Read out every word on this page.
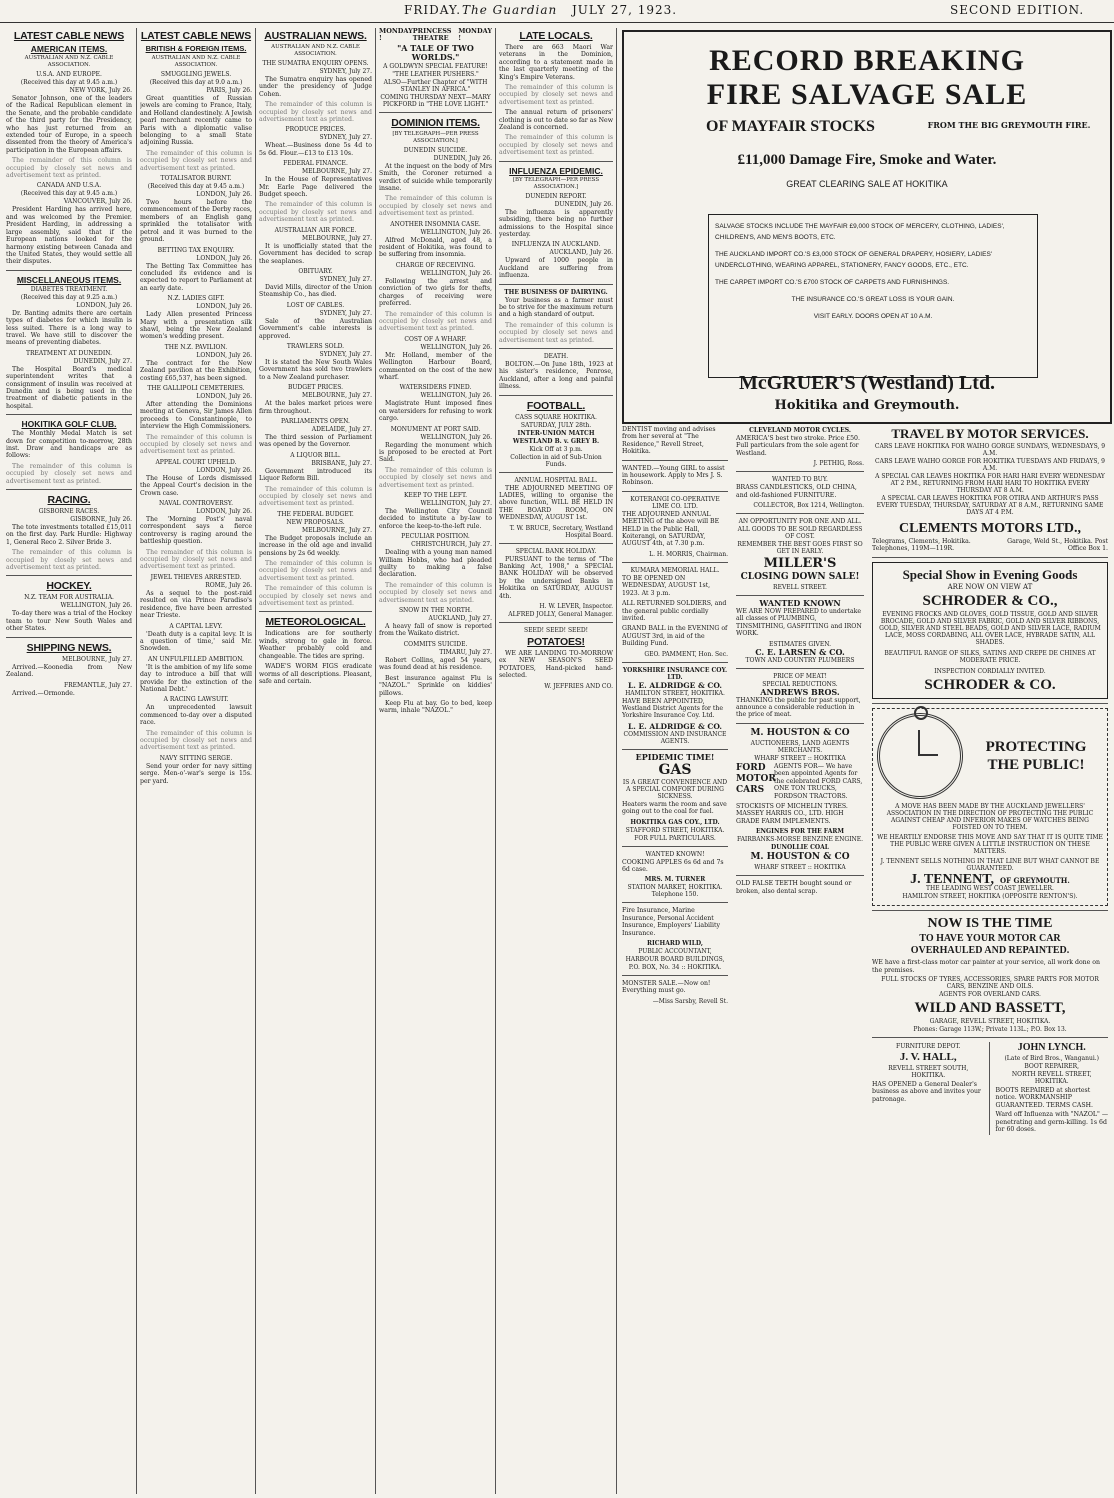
FRIDAY. The Guardian JULY 27, 1923.	SECOND EDITION.
LATEST CABLE NEWS
AMERICAN ITEMS.
AUSTRALIAN AND N.Z. CABLE ASSOCIATION.
U.S.A. AND EUROPE.
(Received this day at 9.45 a.m.)
NEW YORK, July 26.

Senator Johnson, one of the leaders of the Radical Republican element in the Senate, and the probable candidate of the third party for the Presidency, who has just returned from an extended tour of Europe, in a speech dissented from the theory of America's participation in the European affairs.

The remainder of this column is occupied by closely set news and advertisement text as printed.

CANADA AND U.S.A.
(Received this day at 9.45 a.m.)
VANCOUVER, July 26.

President Harding has arrived here, and was welcomed by the Premier. President Harding, in addressing a large assembly, said that if the European nations looked for the harmony existing between Canada and the United States, they would settle all their disputes.

MISCELLANEOUS ITEMS.
DIABETES TREATMENT.
(Received this day at 9.25 a.m.)
LONDON, July 26.

Dr. Banting admits there are certain types of diabetes for which insulin is less suited. There is a long way to travel. We have still to discover the means of preventing diabetes.

TREATMENT AT DUNEDIN.
DUNEDIN, July 27.

The Hospital Board's medical superintendent writes that a consignment of insulin was received at Dunedin and is being used in the treatment of diabetic patients in the hospital.

HOKITIKA GOLF CLUB.

The Monthly Medal Match is set down for competition to-morrow, 28th inst. Draw and handicaps are as follows:

The remainder of this column is occupied by closely set news and advertisement text as printed.

RACING.
GISBORNE RACES.
GISBORNE, July 26.

The tote investments totalled £15,011 on the first day. Park Hurdle: Highway 1, General Reco 2. Silver Bride 3.

The remainder of this column is occupied by closely set news and advertisement text as printed.

HOCKEY.
N.Z. TEAM FOR AUSTRALIA.
WELLINGTON, July 26.

To-day there was a trial of the Hockey team to tour New South Wales and other States.

SHIPPING NEWS.
MELBOURNE, July 27.

Arrived.—Koonedia from New Zealand.

FREMANTLE, July 27.

Arrived.—Ormonde.

LATEST CABLE NEWS
BRITISH & FOREIGN ITEMS.
AUSTRALIAN AND N.Z. CABLE ASSOCIATION.
SMUGGLING JEWELS.
(Received this day at 9.0 a.m.)
PARIS, July 26.

Great quantities of Russian jewels are coming to France, Italy, and Holland clandestinely. A Jewish pearl merchant recently came to Paris with a diplomatic valise belonging to a small State adjoining Russia.

The remainder of this column is occupied by closely set news and advertisement text as printed.

TOTALISATOR BURNT.
(Received this day at 9.45 a.m.)
LONDON, July 26.

Two hours before the commencement of the Derby races, members of an English gang sprinkled the totalisator with petrol and it was burned to the ground.

BETTING TAX ENQUIRY.
LONDON, July 26.

The Betting Tax Committee has concluded its evidence and is expected to report to Parliament at an early date.

N.Z. LADIES GIFT.
LONDON, July 26.

Lady Allen presented Princess Mary with a presentation silk shawl, being the New Zealand women's wedding present.

THE N.Z. PAVILION.
LONDON, July 26.

The contract for the New Zealand pavilion at the Exhibition, costing £65,537, has been signed.

THE GALLIPOLI CEMETERIES.
LONDON, July 26.

After attending the Dominions meeting at Geneva, Sir James Allen proceeds to Constantinople, to interview the High Commissioners.

The remainder of this column is occupied by closely set news and advertisement text as printed.

APPEAL COURT UPHELD.
LONDON, July 26.

The House of Lords dismissed the Appeal Court's decision in the Crown case.

NAVAL CONTROVERSY.
LONDON, July 26.

The 'Morning Post's' naval correspondent says a fierce controversy is raging around the battleship question.

The remainder of this column is occupied by closely set news and advertisement text as printed.

JEWEL THIEVES ARRESTED.
ROME, July 26.

As a sequel to the post-raid resulted on via Prince Paradiso's residence, five have been arrested near Trieste.

A CAPITAL LEVY.

'Death duty is a capital levy. It is a question of time,' said Mr. Snowden.

AN UNFULFILLED AMBITION.

'It is the ambition of my life some day to introduce a bill that will provide for the extinction of the National Debt.'

A RACING LAWSUIT.

An unprecedented lawsuit commenced to-day over a disputed race.

The remainder of this column is occupied by closely set news and advertisement text as printed.

NAVY SITTING SERGE.

Send your order for navy sitting serge. Men-o'-war's serge is 15s. per yard.

AUSTRALIAN NEWS.
AUSTRALIAN AND N.Z. CABLE ASSOCIATION.
THE SUMATRA ENQUIRY OPENS.
SYDNEY, July 27.

The Sumatra enquiry has opened under the presidency of Judge Cohen.

The remainder of this column is occupied by closely set news and advertisement text as printed.

PRODUCE PRICES.
SYDNEY, July 27.

Wheat.—Business done 5s 4d to 5s 6d. Flour.—£13 to £13 10s.

FEDERAL FINANCE.
MELBOURNE, July 27.

In the House of Representatives Mr. Earle Page delivered the Budget speech.

The remainder of this column is occupied by closely set news and advertisement text as printed.

AUSTRALIAN AIR FORCE.
MELBOURNE, July 27.

It is unofficially stated that the Government has decided to scrap the seaplanes.

OBITUARY.
SYDNEY, July 27.

David Mills, director of the Union Steamship Co., has died.

LOST OF CABLES.
SYDNEY, July 27.

Sale of the Australian Government's cable interests is approved.

TRAWLERS SOLD.
SYDNEY, July 27.

It is stated the New South Wales Government has sold two trawlers to a New Zealand purchaser.

BUDGET PRICES.
MELBOURNE, July 27.

At the bales market prices were firm throughout.

PARLIAMENTS OPEN.
ADELAIDE, July 27.

The third session of Parliament was opened by the Governor.

A LIQUOR BILL.
BRISBANE, July 27.

Government introduced its Liquor Reform Bill.

The remainder of this column is occupied by closely set news and advertisement text as printed.

THE FEDERAL BUDGET.
NEW PROPOSALS.
MELBOURNE, July 27.

The Budget proposals include an increase in the old age and invalid pensions by 2s 6d weekly.

The remainder of this column is occupied by closely set news and advertisement text as printed.

The remainder of this column is occupied by closely set news and advertisement text as printed.

METEOROLOGICAL.

Indications are for southerly winds, strong to gale in force. Weather probably cold and changeable. The tides are spring.

WADE'S WORM FIGS eradicate worms of all descriptions. Pleasant, safe and certain.

MONDAY !
PRINCESS THEATRE
MONDAY !
"A TALE OF TWO WORLDS."
A GOLDWYN SPECIAL FEATURE!
"THE LEATHER PUSHERS."
ALSO—Further Chapter of "WITH STANLEY IN AFRICA."
COMING THURSDAY NEXT—MARY PICKFORD in "THE LOVE LIGHT."
DOMINION ITEMS.
[BY TELEGRAPH—PER PRESS ASSOCIATION.]
DUNEDIN SUICIDE.
DUNEDIN, July 26.

At the inquest on the body of Mrs Smith, the Coroner returned a verdict of suicide while temporarily insane.

The remainder of this column is occupied by closely set news and advertisement text as printed.

ANOTHER INSOMNIA CASE.
WELLINGTON, July 26.

Alfred McDonald, aged 48, a resident of Hokitika, was found to be suffering from insomnia.

CHARGE OF RECEIVING.
WELLINGTON, July 26.

Following the arrest and conviction of two girls for thefts, charges of receiving were preferred.

The remainder of this column is occupied by closely set news and advertisement text as printed.

COST OF A WHARF.
WELLINGTON, July 26.

Mr. Holland, member of the Wellington Harbour Board, commented on the cost of the new wharf.

WATERSIDERS FINED.
WELLINGTON, July 26.

Magistrate Hunt imposed fines on watersiders for refusing to work cargo.

MONUMENT AT PORT SAID.
WELLINGTON, July 26.

Regarding the monument which is proposed to be erected at Port Said.

The remainder of this column is occupied by closely set news and advertisement text as printed.

KEEP TO THE LEFT.
WELLINGTON, July 27.

The Wellington City Council decided to institute a by-law to enforce the keep-to-the-left rule.

PECULIAR POSITION.
CHRISTCHURCH, July 27.

Dealing with a young man named William Hobbs, who had pleaded guilty to making a false declaration.

The remainder of this column is occupied by closely set news and advertisement text as printed.

SNOW IN THE NORTH.
AUCKLAND, July 27.

A heavy fall of snow is reported from the Waikato district.

COMMITS SUICIDE.
TIMARU, July 27.

Robert Collins, aged 54 years, was found dead at his residence.

Best insurance against Flu is "NAZOL." Sprinkle on kiddies' pillows.

Keep Flu at bay. Go to bed, keep warm, inhale "NAZOL."

LATE LOCALS.

There are 663 Maori War veterans in the Dominion, according to a statement made in the last quarterly meeting of the King's Empire Veterans.

The remainder of this column is occupied by closely set news and advertisement text as printed.

The annual return of prisoners' clothing is out to date so far as New Zealand is concerned.

The remainder of this column is occupied by closely set news and advertisement text as printed.

INFLUENZA EPIDEMIC.
[BY TELEGRAPH—PER PRESS ASSOCIATION.]
DUNEDIN REPORT.
DUNEDIN, July 26.

The influenza is apparently subsiding, there being no further admissions to the Hospital since yesterday.

INFLUENZA IN AUCKLAND.
AUCKLAND, July 26.

Upward of 1000 people in Auckland are suffering from influenza.

THE BUSINESS OF DAIRYING.

Your business as a farmer must be to strive for the maximum return and a high standard of output.

The remainder of this column is occupied by closely set news and advertisement text as printed.

DEATH.

BOLTON.—On June 18th, 1923 at his sister's residence, Penrose, Auckland, after a long and painful illness.

FOOTBALL.
CASS SQUARE HOKITIKA.
SATURDAY, JULY 28th.
INTER-UNION MATCH
WESTLAND B. v. GREY B.
Kick Off at 3 p.m.
Collection in aid of Sub-Union Funds.
ANNUAL HOSPITAL BALL.

THE ADJOURNED MEETING OF LADIES, willing to organise the above function, WILL BE HELD IN THE BOARD ROOM, ON WEDNESDAY, AUGUST 1st.

T. W. BRUCE, Secretary, Westland Hospital Board.
SPECIAL BANK HOLIDAY.

PURSUANT to the terms of "The Banking Act, 1908," a SPECIAL BANK HOLIDAY will be observed by the undersigned Banks in Hokitika on SATURDAY, AUGUST 4th.

H. W. LEVER, Inspector.
ALFRED JOLLY, General Manager.
SEED! SEED! SEED!
POTATOES!

WE ARE LANDING TO-MORROW ex NEW SEASON'S SEED POTATOES, Hand-picked hand-selected.

W. JEFFRIES AND CO.
RECORD BREAKING
FIRE SALVAGE SALE
OF MAYFAIR STOCKS	FROM THE BIG GREYMOUTH FIRE.
£11,000 Damage Fire, Smoke and Water.
GREAT CLEARING SALE AT HOKITIKA
SALVAGE STOCKS INCLUDE THE MAYFAIR £9,000 STOCK OF MERCERY, CLOTHING, LADIES', CHILDREN'S, AND MEN'S BOOTS, ETC.
THE AUCKLAND IMPORT CO.'S £3,000 STOCK OF GENERAL DRAPERY, HOSIERY, LADIES' UNDERCLOTHING, WEARING APPAREL, STATIONERY, FANCY GOODS, ETC., ETC.
THE CARPET IMPORT CO.'S £700 STOCK OF CARPETS AND FURNISHINGS.
THE INSURANCE CO.'S GREAT LOSS IS YOUR GAIN.
VISIT EARLY. DOORS OPEN AT 10 A.M.
McGRUER'S (Westland) Ltd.
Hokitika and Greymouth.

DENTIST moving and advises from her several at "The Residence," Revell Street, Hokitika.

WANTED.—Young GIRL to assist in housework. Apply to Mrs J. S. Robinson.

KOTERANGI CO-OPERATIVE LIME CO. LTD.

THE ADJOURNED ANNUAL MEETING of the above will BE HELD in the Public Hall, Koiterangi, on SATURDAY, AUGUST 4th, at 7.30 p.m.

L. H. MORRIS, Chairman.
KUMARA MEMORIAL HALL.

TO BE OPENED ON WEDNESDAY, AUGUST 1st, 1923. At 3 p.m.

ALL RETURNED SOLDIERS, and the general public cordially invited.

GRAND BALL in the EVENING of AUGUST 3rd, in aid of the Building Fund.

GEO. PAMMENT, Hon. Sec.
YORKSHIRE INSURANCE COY. LTD.
L. E. ALDRIDGE & CO.
HAMILTON STREET, HOKITIKA.

HAVE BEEN APPOINTED, Westland District Agents for the Yorkshire Insurance Coy. Ltd.

L. E. ALDRIDGE & CO.
COMMISSION AND INSURANCE AGENTS.
EPIDEMIC TIME!
GAS
IS A GREAT CONVENIENCE AND A SPECIAL COMFORT DURING SICKNESS.

Heaters warm the room and save going out to the coal for fuel.

HOKITIKA GAS COY., LTD.
STAFFORD STREET, HOKITIKA.
FOR FULL PARTICULARS.
WANTED KNOWN!

COOKING APPLES 6s 6d and 7s 6d case.

MRS. M. TURNER
STATION MARKET, HOKITIKA. Telephone 150.

Fire Insurance, Marine Insurance, Personal Accident Insurance, Employers' Liability Insurance.

RICHARD WILD,
PUBLIC ACCOUNTANT,
HARBOUR BOARD BUILDINGS,
P.O. BOX, No. 34 :: HOKITIKA.

MONSTER SALE.—Now on! Everything must go.

—Miss Sarsby, Revell St.
CLEVELAND MOTOR CYCLES.

AMERICA'S best two stroke. Price £50. Full particulars from the sole agent for Westland.

J. PETHIG, Ross.
WANTED TO BUY.

BRASS CANDLESTICKS, OLD CHINA, and old-fashioned FURNITURE.

COLLECTOR, Box 1214, Wellington.
AN OPPORTUNITY FOR ONE AND ALL.
ALL GOODS TO BE SOLD REGARDLESS OF COST.
REMEMBER THE BEST GOES FIRST SO GET IN EARLY.
MILLER'S
CLOSING DOWN SALE!
REVELL STREET.
WANTED KNOWN

WE ARE NOW PREPARED to undertake all classes of PLUMBING, TINSMITHING, GASFITTING and IRON WORK.

ESTIMATES GIVEN.
C. E. LARSEN & CO.
TOWN AND COUNTRY PLUMBERS
PRICE OF MEAT!
SPECIAL REDUCTIONS.
ANDREWS BROS.

THANKING the public for past support, announce a considerable reduction in the price of meat.

M. HOUSTON & CO
AUCTIONEERS, LAND AGENTS MERCHANTS.
WHARF STREET :: HOKITIKA
FORD
MOTOR
CARS
AGENTS FOR— We have been appointed Agents for the celebrated FORD CARS, ONE TON TRUCKS, FORDSON TRACTORS.

STOCKISTS OF MICHELIN TYRES. MASSEY HARRIS CO., LTD. HIGH GRADE FARM IMPLEMENTS.

ENGINES FOR THE FARM
FAIRBANKS-MORSE BENZINE ENGINE.
DUNOLLIE COAL
M. HOUSTON & CO
WHARF STREET :: HOKITIKA

OLD FALSE TEETH bought sound or broken, also dental scrap.

TRAVEL BY MOTOR SERVICES.
CARS LEAVE HOKITIKA FOR WAIHO GORGE SUNDAYS, WEDNESDAYS, 9 A.M.
CARS LEAVE WAIHO GORGE FOR HOKITIKA TUESDAYS AND FRIDAYS, 9 A.M.
A SPECIAL CAR LEAVES HOKITIKA FOR HARI HARI EVERY WEDNESDAY AT 2 P.M., RETURNING FROM HARI HARI TO HOKITIKA EVERY THURSDAY AT 8 A.M.
A SPECIAL CAR LEAVES HOKITIKA FOR OTIRA AND ARTHUR'S PASS EVERY TUESDAY, THURSDAY, SATURDAY AT 8 A.M., RETURNING SAME DAYS AT 4 P.M.
CLEMENTS MOTORS LTD.,
Telegrams, Clements, Hokitika. Telephones, 119M—119R.
Garage, Weld St., Hokitika. Post Office Box 1.
Special Show in Evening Goods
ARE NOW ON VIEW AT
SCHRODER & CO.,
EVENING FROCKS AND GLOVES, GOLD TISSUE, GOLD AND SILVER BROCADE, GOLD AND SILVER FABRIC, GOLD AND SILVER RIBBONS, GOLD, SILVER AND STEEL BEADS, GOLD AND SILVER LACE, RADIUM LACE, MOSS CORDABING, ALL OVER LACE, HYBRADE SATIN, ALL SHADES.
BEAUTIFUL RANGE OF SILKS, SATINS AND CREPE DE CHINES AT MODERATE PRICE.
INSPECTION CORDIALLY INVITED.
SCHRODER & CO.
PROTECTING
THE PUBLIC!
A MOVE HAS BEEN MADE BY THE AUCKLAND JEWELLERS' ASSOCIATION IN THE DIRECTION OF PROTECTING THE PUBLIC AGAINST CHEAP AND INFERIOR MAKES OF WATCHES BEING FOISTED ON TO THEM.
WE HEARTILY ENDORSE THIS MOVE AND SAY THAT IT IS QUITE TIME THE PUBLIC WERE GIVEN A LITTLE INSTRUCTION ON THESE MATTERS.
J. TENNENT SELLS NOTHING IN THAT LINE BUT WHAT CANNOT BE GUARANTEED.
J. TENNENT, OF GREYMOUTH.
THE LEADING WEST COAST JEWELLER.
HAMILTON STREET, HOKITIKA (OPPOSITE RENTON'S).
NOW IS THE TIME
TO HAVE YOUR MOTOR CAR
OVERHAULED AND REPAINTED.

WE have a first-class motor car painter at your service, all work done on the premises.

FULL STOCKS OF TYRES, ACCESSORIES, SPARE PARTS FOR MOTOR CARS, BENZINE AND OILS.
AGENTS FOR OVERLAND CARS.
WILD AND BASSETT,
GARAGE, REVELL STREET, HOKITIKA.
Phones: Garage 113W.; Private 113L.; P.O. Box 13.
FURNITURE DEPOT.
J. V. HALL,
REVELL STREET SOUTH, HOKITIKA.

HAS OPENED a General Dealer's business as above and invites your patronage.

JOHN LYNCH.
(Late of Bird Bros., Wanganui.)
BOOT REPAIRER,
NORTH REVELL STREET, HOKITIKA.

BOOTS REPAIRED at shortest notice. WORKMANSHIP GUARANTEED. TERMS CASH.

Ward off Influenza with "NAZOL" —penetrating and germ-killing. 1s 6d for 60 doses.
